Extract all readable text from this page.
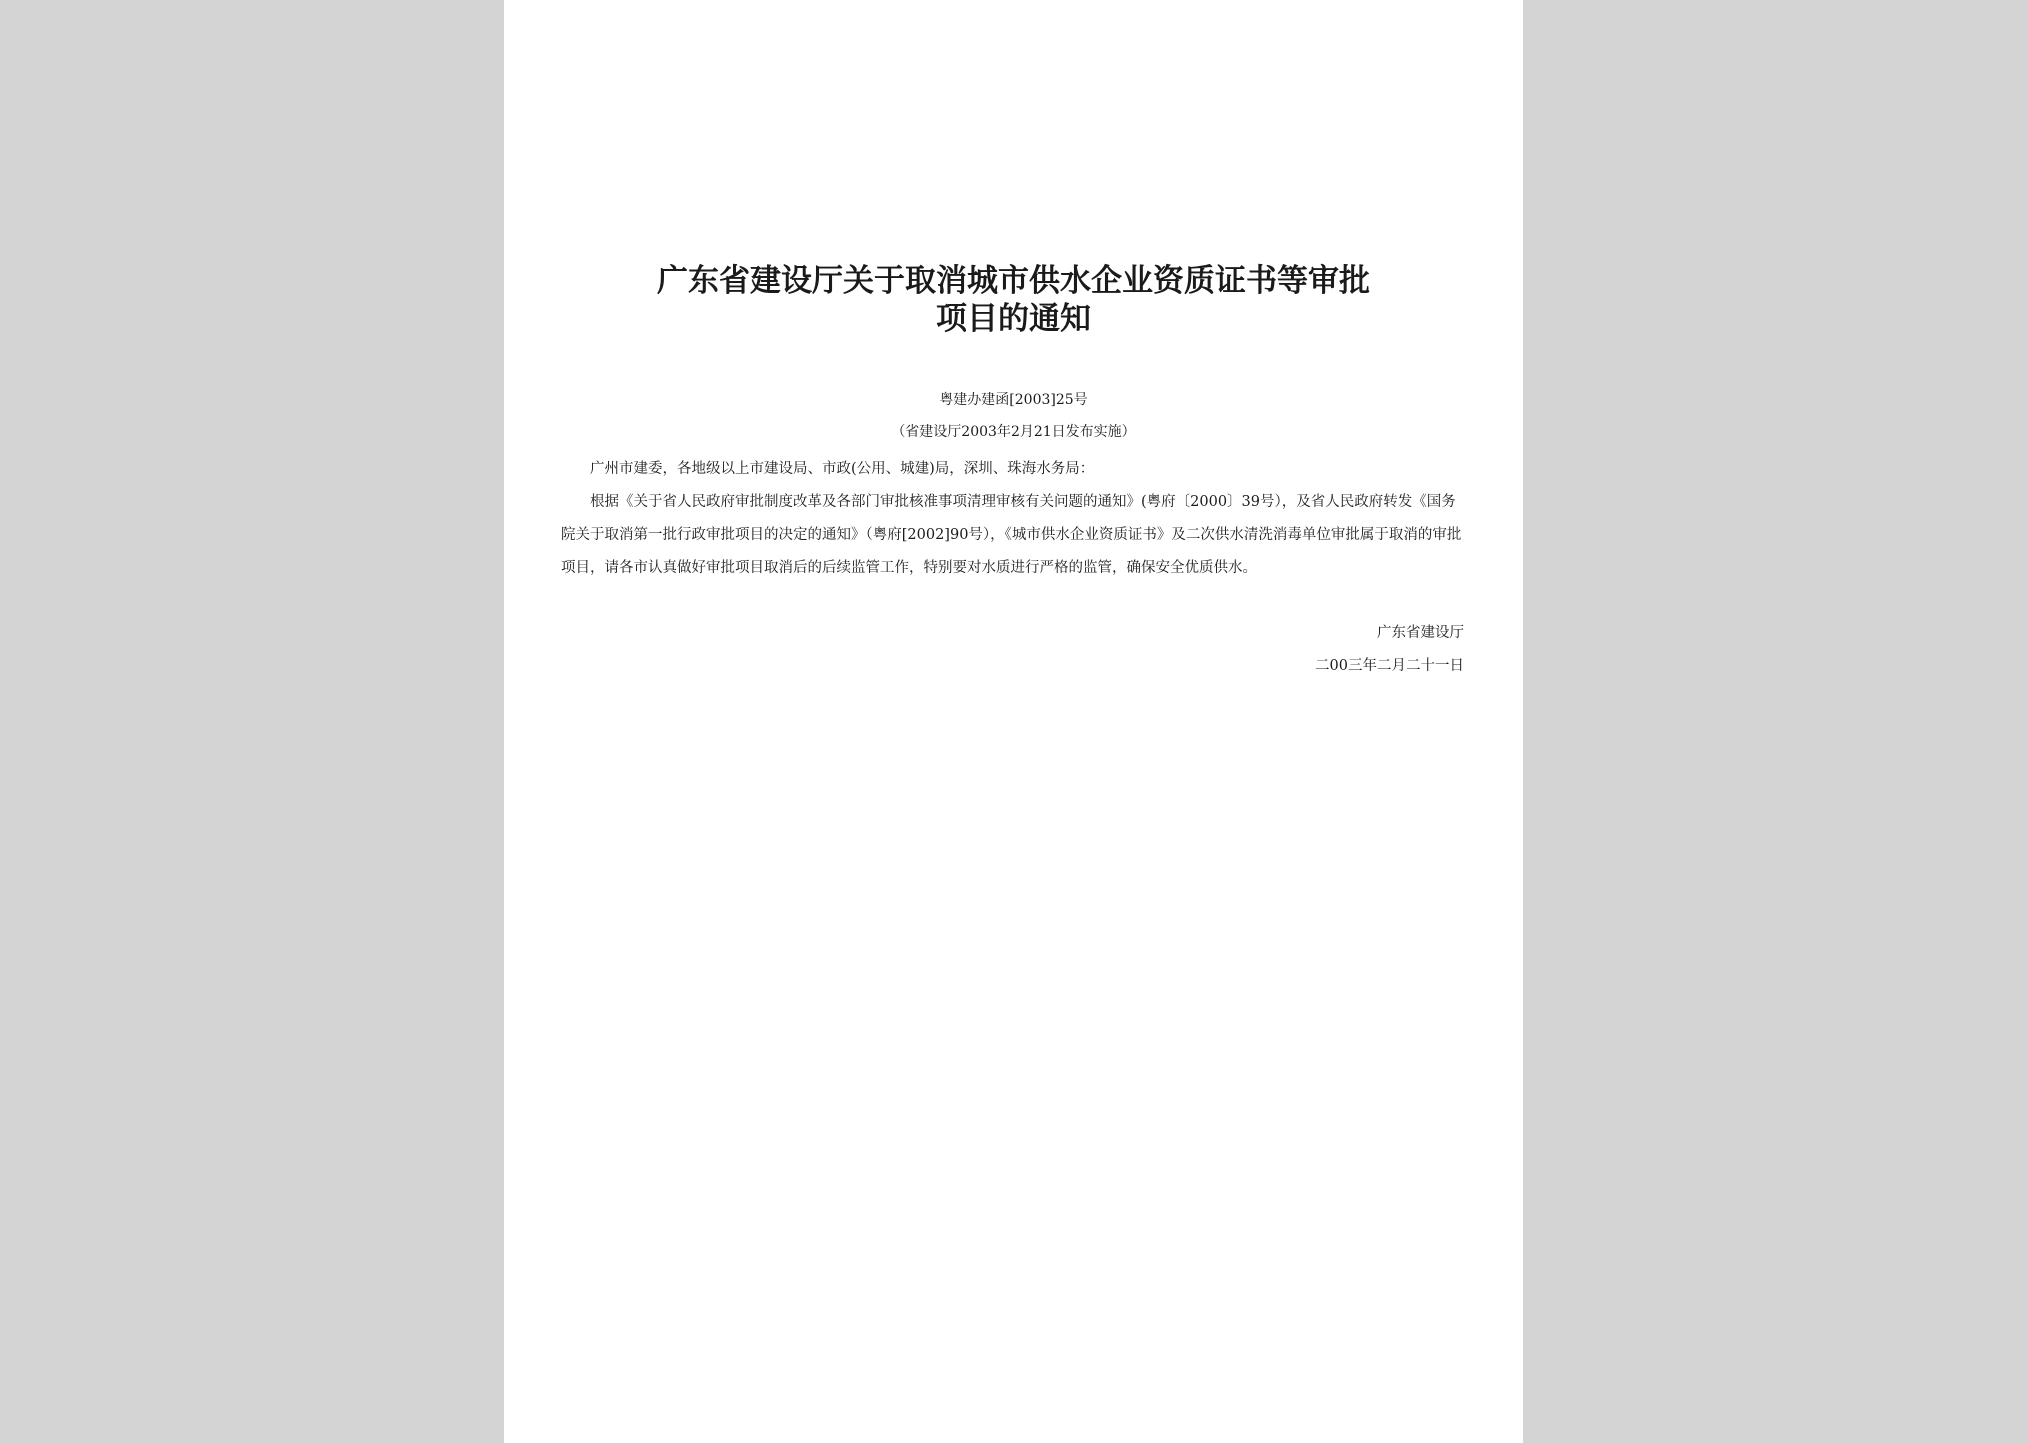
广东省建设厅关于取消城市供水企业资质证书等审批
项目的通知
粤建办建函[2003]25号
（省建设厅2003年2月21日发布实施）

广州市建委，各地级以上市建设局、市政(公用、城建)局，深圳、珠海水务局：

根据《关于省人民政府审批制度改革及各部门审批核准事项清理审核有关问题的通知》(粤府〔2000〕39号），及省人民政府转发《国务院关于取消第一批行政审批项目的决定的通知》（粤府[2002]90号），《城市供水企业资质证书》及二次供水清洗消毒单位审批属于取消的审批项目，请各市认真做好审批项目取消后的后续监管工作，特别要对水质进行严格的监管，确保安全优质供水。

广东省建设厅
二00三年二月二十一日
